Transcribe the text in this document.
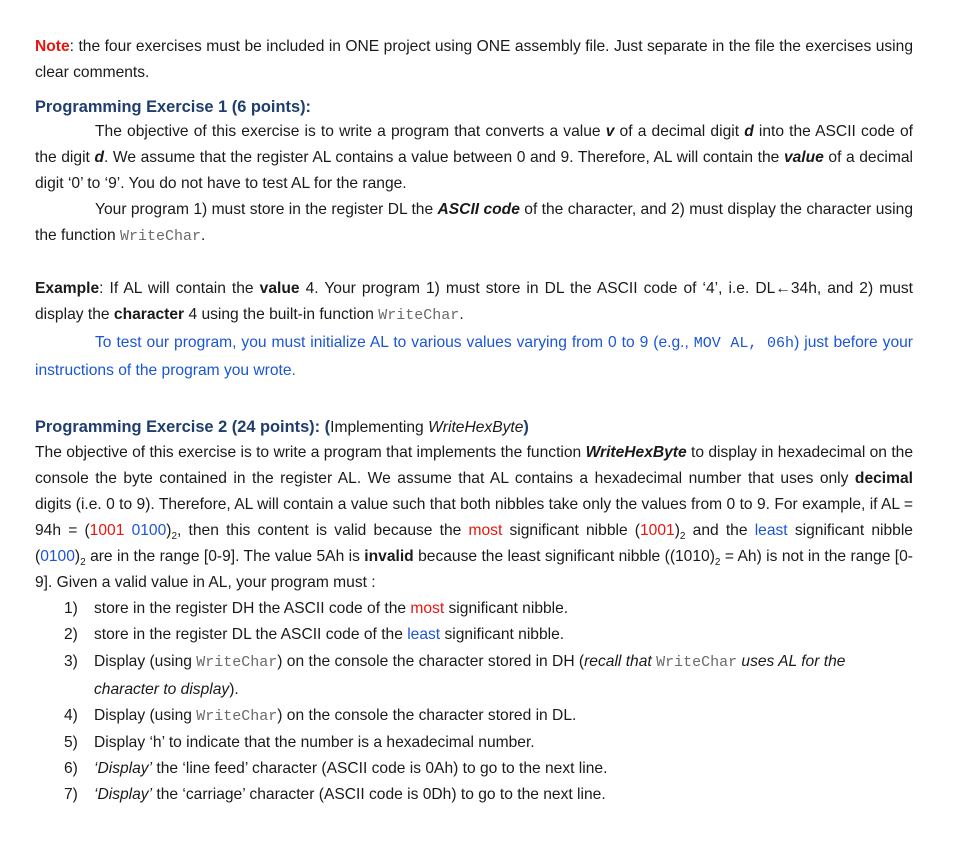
Note: the four exercises must be included in ONE project using ONE assembly file. Just separate in the file the exercises using clear comments.

Programming Exercise 1 (6 points):

The objective of this exercise is to write a program that converts a value v of a decimal digit d into the ASCII code of the digit d. We assume that the register AL contains a value between 0 and 9. Therefore, AL will contain the value of a decimal digit ‘0’ to ‘9’. You do not have to test AL for the range.

Your program 1) must store in the register DL the ASCII code of the character, and 2) must display the character using the function WriteChar.

Example: If AL will contain the value 4. Your program 1) must store in DL the ASCII code of ‘4’, i.e. DL←34h, and 2) must display the character 4 using the built-in function WriteChar.

To test our program, you must initialize AL to various values varying from 0 to 9 (e.g., MOV AL, 06h) just before your instructions of the program you wrote.

Programming Exercise 2 (24 points): (Implementing WriteHexByte)

The objective of this exercise is to write a program that implements the function WriteHexByte to display in hexadecimal on the console the byte contained in the register AL. We assume that AL contains a hexadecimal number that uses only decimal digits (i.e. 0 to 9). Therefore, AL will contain a value such that both nibbles take only the values from 0 to 9. For example, if AL = 94h = (1001 $0100)_2$, then this content is valid because the most significant nibble $(1001)_2$ and the least significant nibble $(0100)_2$ are in the range [0-9]. The value 5Ah is invalid because the least significant nibble $((1010)_2 = Ah)$ is not in the range [0-9]. Given a valid value in AL, your program must :

1) store in the register DH the ASCII code of the most significant nibble.
2) store in the register DL the ASCII code of the least significant nibble.
3) Display (using WriteChar) on the console the character stored in DH (recall that WriteChar uses AL for the character to display).
4) Display (using WriteChar) on the console the character stored in DL.
5) Display ‘h’ to indicate that the number is a hexadecimal number.
6) ‘Display’ the ‘line feed’ character (ASCII code is 0Ah) to go to the next line.
7) ‘Display’ the ‘carriage’ character (ASCII code is 0Dh) to go to the next line.
